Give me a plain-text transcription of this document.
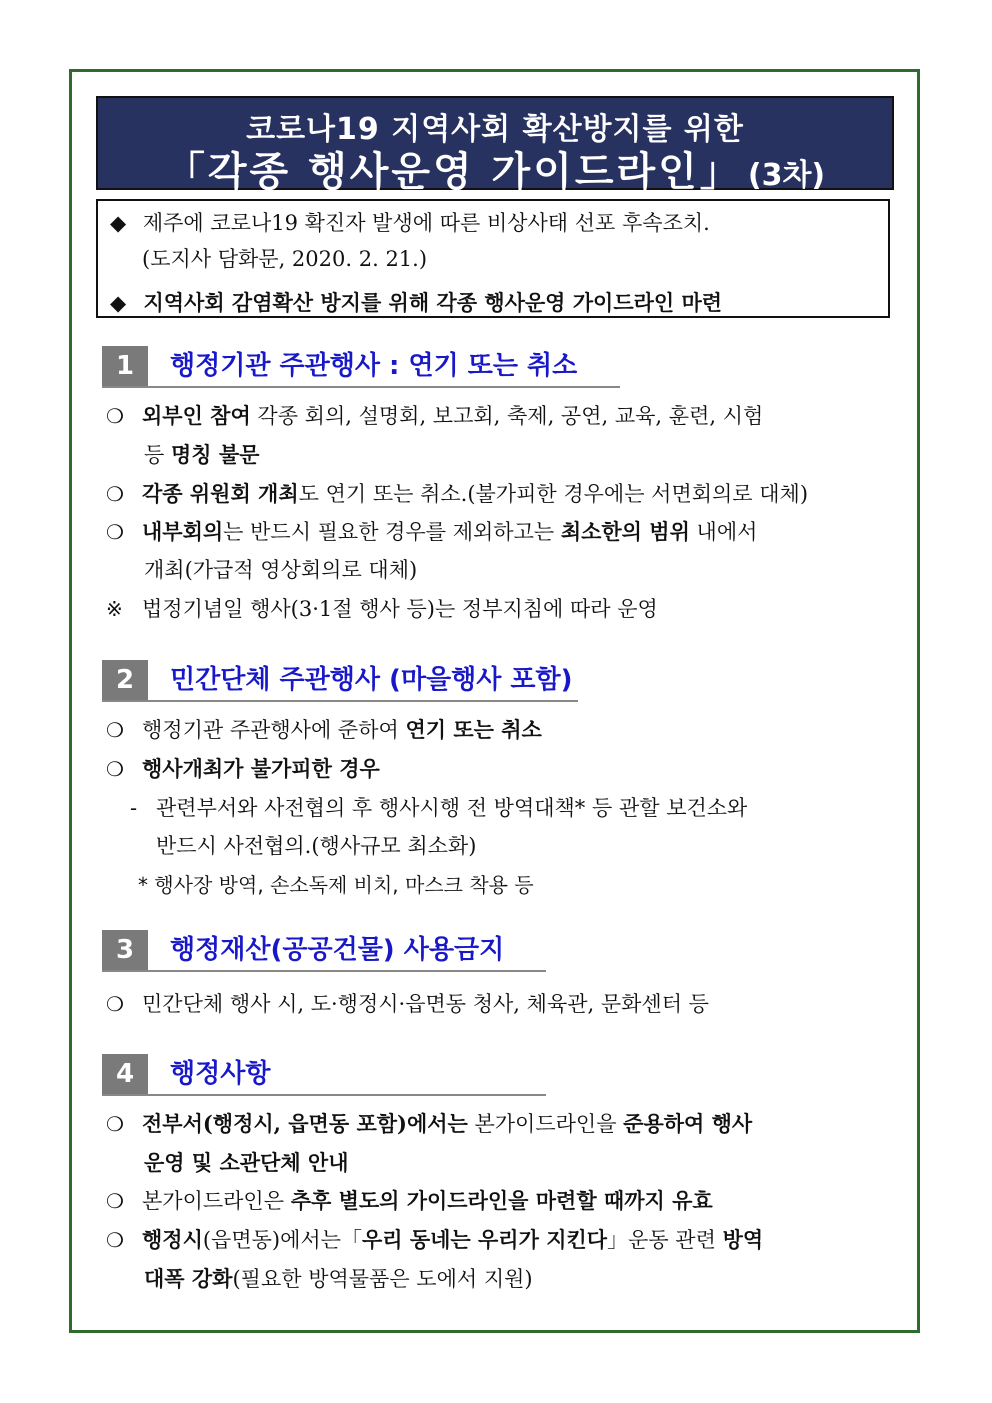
코로나19 지역사회 확산방지를 위한
「각종 행사운영 가이드라인」 (3차)
◆ 제주에 코로나19 확진자 발생에 따른 비상사태 선포 후속조치.
(도지사 담화문, 2020. 2. 21.)
◆ 지역사회 감염확산 방지를 위해 각종 행사운영 가이드라인 마련
1	행정기관 주관행사 : 연기 또는 취소
❍ 외부인 참여 각종 회의, 설명회, 보고회, 축제, 공연, 교육, 훈련, 시험
등 명칭 불문
❍ 각종 위원회 개최도 연기 또는 취소.(불가피한 경우에는 서면회의로 대체)
❍ 내부회의는 반드시 필요한 경우를 제외하고는 최소한의 범위 내에서
개최(가급적 영상회의로 대체)
※ 법정기념일 행사(3·1절 행사 등)는 정부지침에 따라 운영
2	민간단체 주관행사 (마을행사 포함)
❍ 행정기관 주관행사에 준하여 연기 또는 취소
❍ 행사개최가 불가피한 경우
- 관련부서와 사전협의 후 행사시행 전 방역대책* 등 관할 보건소와
반드시 사전협의.(행사규모 최소화)
* 행사장 방역, 손소독제 비치, 마스크 착용 등
3	행정재산(공공건물) 사용금지
❍ 민간단체 행사 시, 도·행정시·읍면동 청사, 체육관, 문화센터 등
4	행정사항
❍ 전부서(행정시, 읍면동 포함)에서는 본가이드라인을 준용하여 행사
운영 및 소관단체 안내
❍ 본가이드라인은 추후 별도의 가이드라인을 마련할 때까지 유효
❍ 행정시(읍면동)에서는「우리 동네는 우리가 지킨다」운동 관련 방역
대폭 강화(필요한 방역물품은 도에서 지원)
